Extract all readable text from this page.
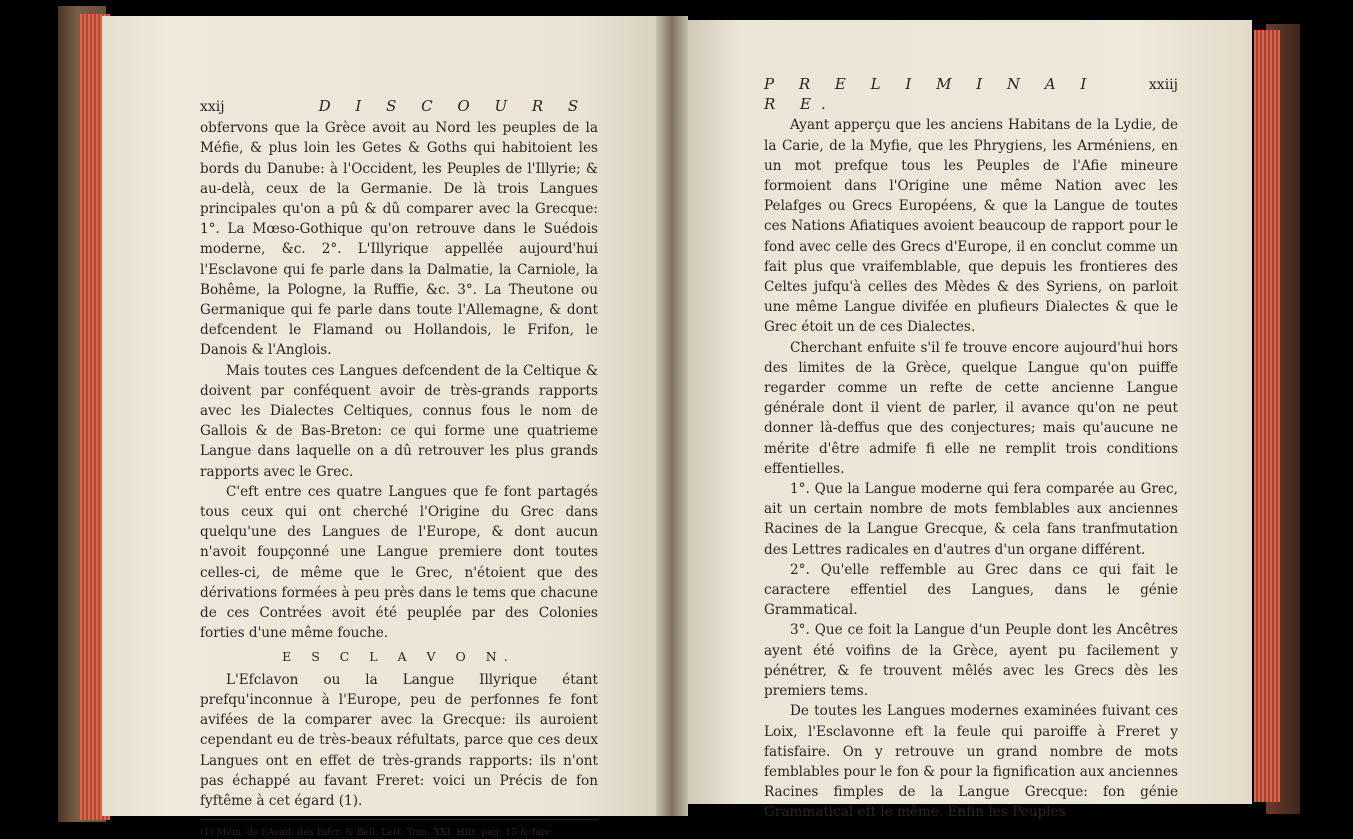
xxij	D I S C O U R S

obfervons que la Grèce avoit au Nord les peuples de la Méfie, & plus loin les Getes & Goths qui habitoient les bords du Danube: à l'Occident, les Peuples de l'Illyrie; & au-delà, ceux de la Germanie. De là trois Langues principales qu'on a pû & dû comparer avec la Grecque: 1°. La Mœso-Gothique qu'on retrouve dans le Suédois moderne, &c. 2°. L'Illyrique appellée aujourd'hui l'Esclavone qui fe parle dans la Dalmatie, la Carniole, la Bohême, la Pologne, la Ruffie, &c. 3°. La Theutone ou Germanique qui fe parle dans toute l'Allemagne, & dont defcendent le Flamand ou Hollandois, le Frifon, le Danois & l'Anglois.

Mais toutes ces Langues defcendent de la Celtique & doivent par conféquent avoir de très-grands rapports avec les Dialectes Celtiques, connus fous le nom de Gallois & de Bas-Breton: ce qui forme une quatrieme Langue dans laquelle on a dû retrouver les plus grands rapports avec le Grec.

C'eft entre ces quatre Langues que fe font partagés tous ceux qui ont cherché l'Origine du Grec dans quelqu'une des Langues de l'Europe, & dont aucun n'avoit foupçonné une Langue premiere dont toutes celles-ci, de même que le Grec, n'étoient que des dérivations formées à peu près dans le tems que chacune de ces Contrées avoit été peuplée par des Colonies forties d'une même fouche.

E S C L A V O N.

L'Efclavon ou la Langue Illyrique étant prefqu'inconnue à l'Europe, peu de perfonnes fe font avifées de la comparer avec la Grecque: ils auroient cependant eu de très-beaux réfultats, parce que ces deux Langues ont en effet de très-grands rapports: ils n'ont pas échappé au favant Freret: voici un Précis de fon fyftême à cet égard (1).

(1) Mém. de l'Acad. des Infcr. & Bell. Lett. Tom. XXI. Hift. pag. 15 & fuiv.

P R E L I M I N A I R E.
xxiij

Ayant apperçu que les anciens Habitans de la Lydie, de la Carie, de la Myfie, que les Phrygiens, les Arméniens, en un mot prefque tous les Peuples de l'Afie mineure formoient dans l'Origine une même Nation avec les Pelafges ou Grecs Européens, & que la Langue de toutes ces Nations Afiatiques avoient beaucoup de rapport pour le fond avec celle des Grecs d'Europe, il en conclut comme un fait plus que vraifemblable, que depuis les frontieres des Celtes jufqu'à celles des Mèdes & des Syriens, on parloit une même Langue divifée en plufieurs Dialectes & que le Grec étoit un de ces Dialectes.

Cherchant enfuite s'il fe trouve encore aujourd'hui hors des limites de la Grèce, quelque Langue qu'on puiffe regarder comme un refte de cette ancienne Langue générale dont il vient de parler, il avance qu'on ne peut donner là-deffus que des conjectures; mais qu'aucune ne mérite d'être admife fi elle ne remplit trois conditions effentielles.

1°. Que la Langue moderne qui fera comparée au Grec, ait un certain nombre de mots femblables aux anciennes Racines de la Langue Grecque, & cela fans tranfmutation des Lettres radicales en d'autres d'un organe différent.

2°. Qu'elle reffemble au Grec dans ce qui fait le caractere effentiel des Langues, dans le génie Grammatical.

3°. Que ce foit la Langue d'un Peuple dont les Ancêtres ayent été voifins de la Grèce, ayent pu facilement y pénétrer, & fe trouvent mêlés avec les Grecs dès les premiers tems.

De toutes les Langues modernes examinées fuivant ces Loix, l'Esclavonne eft la feule qui paroiffe à Freret y fatisfaire. On y retrouve un grand nombre de mots femblables pour le fon & pour la fignification aux anciennes Racines fimples de la Langue Grecque: fon génie Grammatical eft le même. Enfin les Peuples
